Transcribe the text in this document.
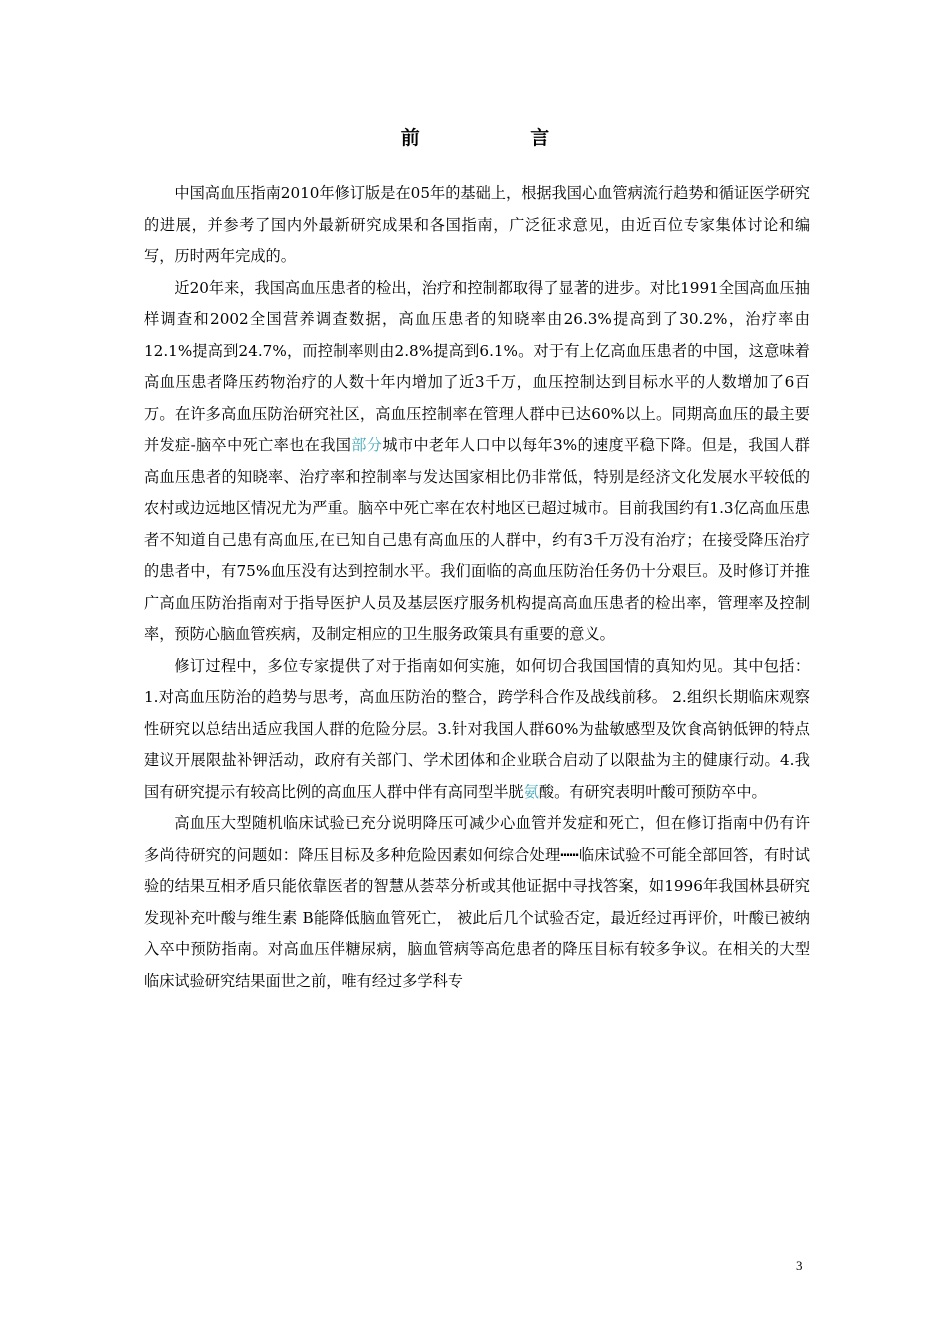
前 言

中国高血压指南2010年修订版是在05年的基础上，根据我国心血管病流行趋势和循证医学研究的进展，并参考了国内外最新研究成果和各国指南，广泛征求意见，由近百位专家集体讨论和编写，历时两年完成的。

近20年来，我国高血压患者的检出，治疗和控制都取得了显著的进步。对比1991全国高血压抽样调查和2002全国营养调查数据，高血压患者的知晓率由26.3%提高到了30.2%，治疗率由12.1%提高到24.7%，而控制率则由2.8%提高到6.1%。对于有上亿高血压患者的中国，这意味着高血压患者降压药物治疗的人数十年内增加了近3千万，血压控制达到目标水平的人数增加了6百万。在许多高血压防治研究社区，高血压控制率在管理人群中已达60%以上。同期高血压的最主要并发症-脑卒中死亡率也在我国部分城市中老年人口中以每年3%的速度平稳下降。但是，我国人群高血压患者的知晓率、治疗率和控制率与发达国家相比仍非常低，特别是经济文化发展水平较低的农村或边远地区情况尤为严重。脑卒中死亡率在农村地区已超过城市。目前我国约有1.3亿高血压患者不知道自己患有高血压,在已知自己患有高血压的人群中，约有3千万没有治疗；在接受降压治疗的患者中，有75%血压没有达到控制水平。我们面临的高血压防治任务仍十分艰巨。及时修订并推广高血压防治指南对于指导医护人员及基层医疗服务机构提高高血压患者的检出率，管理率及控制率，预防心脑血管疾病，及制定相应的卫生服务政策具有重要的意义。

修订过程中，多位专家提供了对于指南如何实施，如何切合我国国情的真知灼见。其中包括：1.对高血压防治的趋势与思考，高血压防治的整合，跨学科合作及战线前移。 2.组织长期临床观察性研究以总结出适应我国人群的危险分层。3.针对我国人群60%为盐敏感型及饮食高钠低钾的特点建议开展限盐补钾活动，政府有关部门、学术团体和企业联合启动了以限盐为主的健康行动。4.我国有研究提示有较高比例的高血压人群中伴有高同型半胱氨酸。有研究表明叶酸可预防卒中。

高血压大型随机临床试验已充分说明降压可减少心血管并发症和死亡，但在修订指南中仍有许多尚待研究的问题如：降压目标及多种危险因素如何综合处理┅┅临床试验不可能全部回答，有时试验的结果互相矛盾只能依靠医者的智慧从荟萃分析或其他证据中寻找答案，如1996年我国林县研究发现补充叶酸与维生素 B能降低脑血管死亡， 被此后几个试验否定，最近经过再评价，叶酸已被纳入卒中预防指南。对高血压伴糖尿病，脑血管病等高危患者的降压目标有较多争议。在相关的大型临床试验研究结果面世之前，唯有经过多学科专

3
